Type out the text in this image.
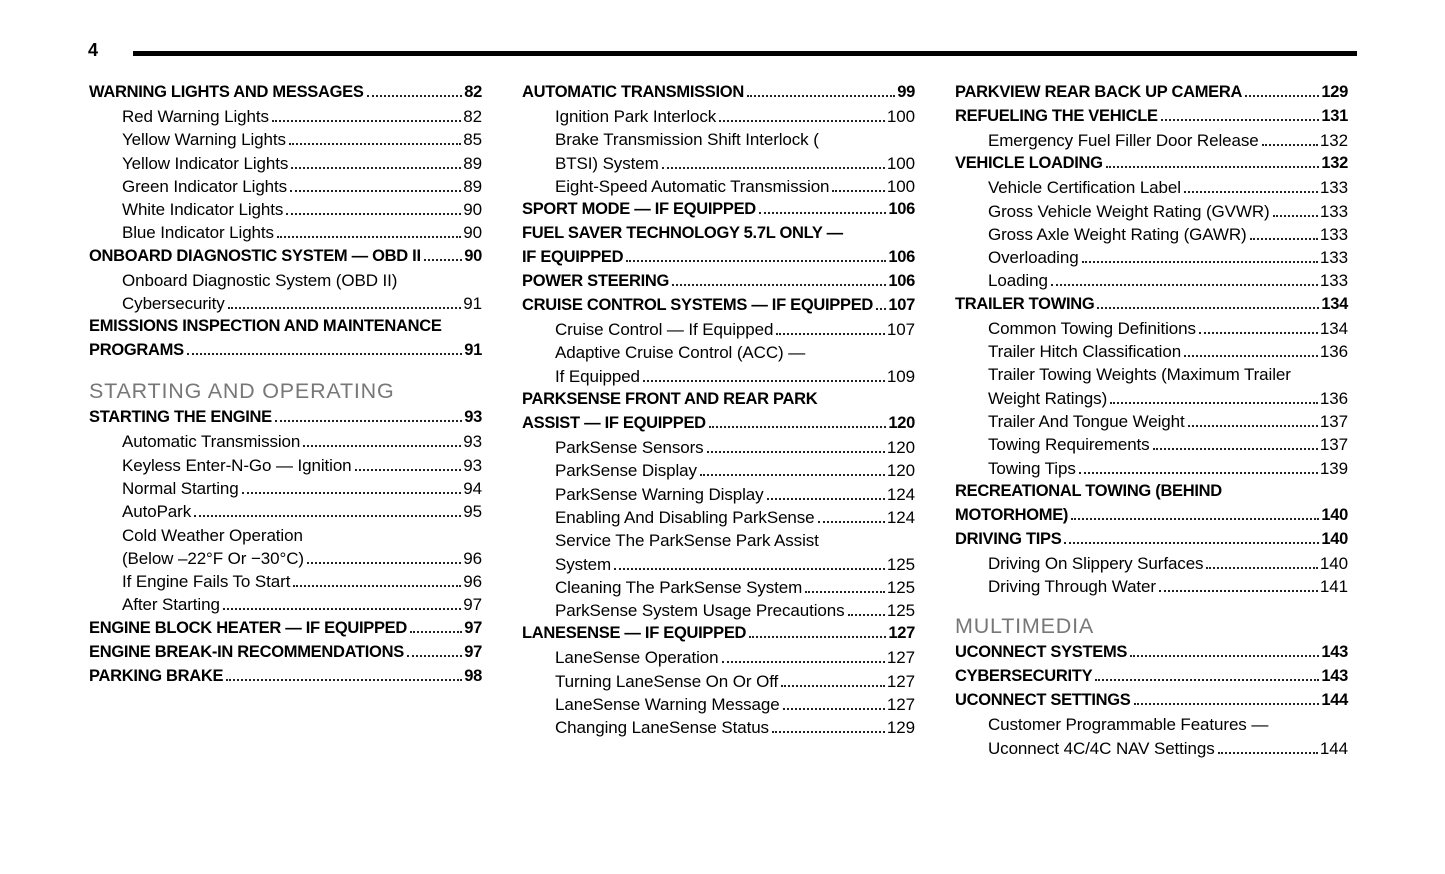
4
WARNING LIGHTS AND MESSAGES	82
Red Warning Lights	82
Yellow Warning Lights	85
Yellow Indicator Lights	89
Green Indicator Lights	89
White Indicator Lights	90
Blue Indicator Lights	90
ONBOARD DIAGNOSTIC SYSTEM — OBD II	90
Onboard Diagnostic System (OBD II)
Cybersecurity	91
EMISSIONS INSPECTION AND MAINTENANCE
PROGRAMS	91
STARTING AND OPERATING
STARTING THE ENGINE	93
Automatic Transmission	93
Keyless Enter-N-Go — Ignition	93
Normal Starting	94
AutoPark	95
Cold Weather Operation
(Below –22°F Or −30°C)	96
If Engine Fails To Start	96
After Starting	97
ENGINE BLOCK HEATER — IF EQUIPPED	97
ENGINE BREAK-IN RECOMMENDATIONS	97
PARKING BRAKE	98
AUTOMATIC TRANSMISSION	99
Ignition Park Interlock	100
Brake Transmission Shift Interlock (
BTSI) System	100
Eight-Speed Automatic Transmission	100
SPORT MODE — IF EQUIPPED	106
FUEL SAVER TECHNOLOGY 5.7L ONLY —
IF EQUIPPED	106
POWER STEERING	106
CRUISE CONTROL SYSTEMS — IF EQUIPPED 107
Cruise Control — If Equipped	107
Adaptive Cruise Control (ACC) —
If Equipped	109
PARKSENSE FRONT AND REAR PARK
ASSIST — IF EQUIPPED	120
ParkSense Sensors	120
ParkSense Display	120
ParkSense Warning Display	124
Enabling And Disabling ParkSense	124
Service The ParkSense Park Assist
System	125
Cleaning The ParkSense System	125
ParkSense System Usage Precautions 125
LANESENSE — IF EQUIPPED	127
LaneSense Operation	127
Turning LaneSense On Or Off	127
LaneSense Warning Message	127
Changing LaneSense Status	129
PARKVIEW REAR BACK UP CAMERA	129
REFUELING THE VEHICLE	131
Emergency Fuel Filler Door Release	132
VEHICLE LOADING	132
Vehicle Certification Label	133
Gross Vehicle Weight Rating (GVWR)	133
Gross Axle Weight Rating (GAWR)	133
Overloading	133
Loading	133
TRAILER TOWING	134
Common Towing Definitions	134
Trailer Hitch Classification	136
Trailer Towing Weights (Maximum Trailer
Weight Ratings)	136
Trailer And Tongue Weight	137
Towing Requirements	137
Towing Tips	139
RECREATIONAL TOWING (BEHIND
MOTORHOME)	140
DRIVING TIPS	140
Driving On Slippery Surfaces	140
Driving Through Water	141
MULTIMEDIA
UCONNECT SYSTEMS	143
CYBERSECURITY	143
UCONNECT SETTINGS	144
Customer Programmable Features —
Uconnect 4C/4C NAV Settings	144
